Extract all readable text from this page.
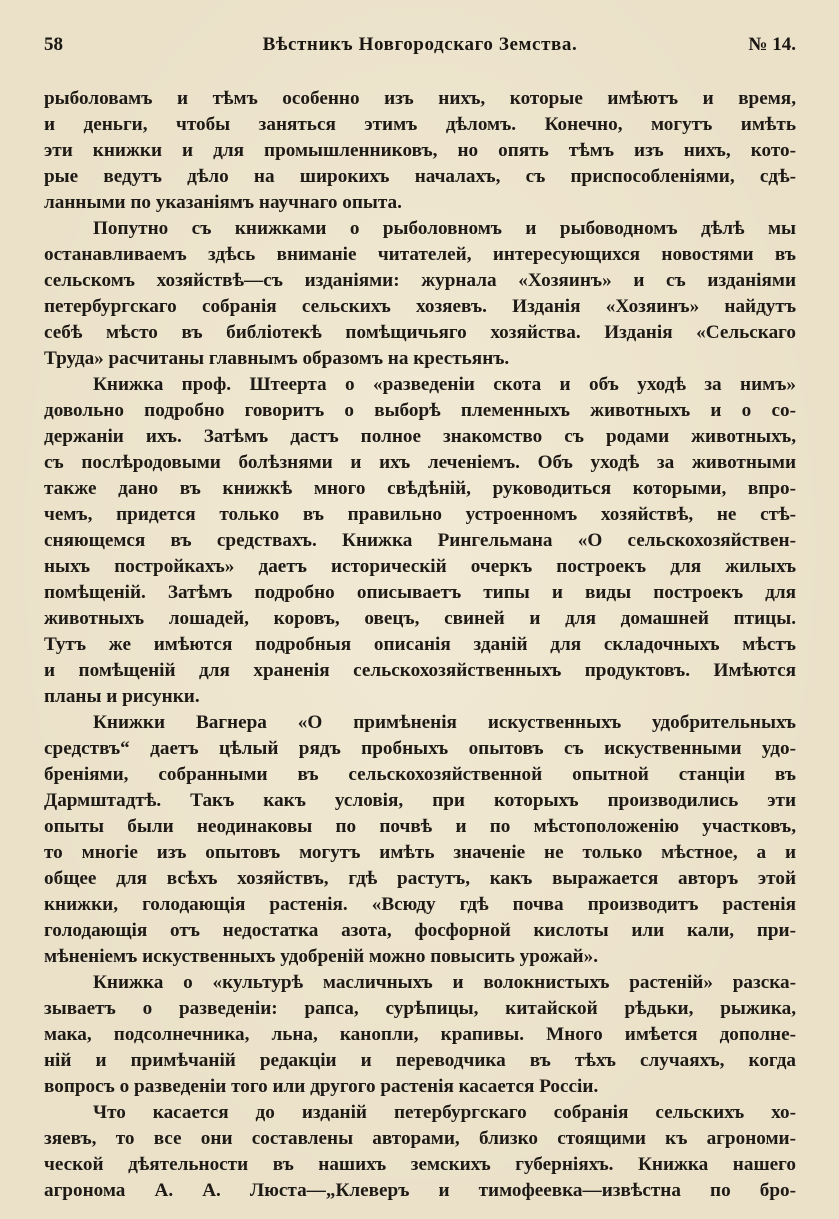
58	Вѣстникъ Новгородскаго Земства.	№ 14.
рыболовамъ и тѣмъ особенно изъ нихъ, которые имѣютъ и время,
и деньги, чтобы заняться этимъ дѣломъ. Конечно, могутъ имѣть
эти книжки и для промышленниковъ, но опять тѣмъ изъ нихъ, кото-
рые ведутъ дѣло на широкихъ началахъ, съ приспособленіями, сдѣ-
ланными по указаніямъ научнаго опыта.
Попутно съ книжками о рыболовномъ и рыбоводномъ дѣлѣ мы
останавливаемъ здѣсь вниманіе читателей, интересующихся новостями въ
сельскомъ хозяйствѣ—съ изданіями: журнала «Хозяинъ» и съ изданіями
петербургскаго собранія сельскихъ хозяевъ. Изданія «Хозяинъ» найдутъ
себѣ мѣсто въ библіотекѣ помѣщичьяго хозяйства. Изданія «Сельскаго
Труда» расчитаны главнымъ образомъ на крестьянъ.
Книжка проф. Штеерта о «разведеніи скота и объ уходѣ за нимъ»
довольно подробно говоритъ о выборѣ племенныхъ животныхъ и о со-
держаніи ихъ. Затѣмъ дастъ полное знакомство съ родами животныхъ,
съ послѣродовыми болѣзнями и ихъ леченіемъ. Объ уходѣ за животными
также дано въ книжкѣ много свѣдѣній, руководиться которыми, впро-
чемъ, придется только въ правильно устроенномъ хозяйствѣ, не стѣ-
сняющемся въ средствахъ. Книжка Рингельмана «О сельскохозяйствен-
ныхъ постройкахъ» даетъ историческій очеркъ построекъ для жилыхъ
помѣщеній. Затѣмъ подробно описываетъ типы и виды построекъ для
животныхъ лошадей, коровъ, овецъ, свиней и для домашней птицы.
Тутъ же имѣются подробныя описанія зданій для складочныхъ мѣстъ
и помѣщеній для храненія сельскохозяйственныхъ продуктовъ. Имѣются
планы и рисунки.
Книжки Вагнера «О примѣненія искуственныхъ удобрительныхъ
средствъ“ даетъ цѣлый рядъ пробныхъ опытовъ съ искуственными удо-
бреніями, собранными въ сельскохозяйственной опытной станціи въ
Дармштадтѣ. Такъ какъ условія, при которыхъ производились эти
опыты были неодинаковы по почвѣ и по мѣстоположенію участковъ,
то многіе изъ опытовъ могутъ имѣть значеніе не только мѣстное, а и
общее для всѣхъ хозяйствъ, гдѣ растутъ, какъ выражается авторъ этой
книжки, голодающія растенія. «Всюду гдѣ почва производитъ растенія
голодающія отъ недостатка азота, фосфорной кислоты или кали, при-
мѣненіемъ искуственныхъ удобреній можно повысить урожай».
Книжка о «культурѣ масличныхъ и волокнистыхъ растеній» разска-
зываетъ о разведеніи: рапса, сурѣпицы, китайской рѣдьки, рыжика,
мака, подсолнечника, льна, канопли, крапивы. Много имѣется дополне-
ній и примѣчаній редакціи и переводчика въ тѣхъ случаяхъ, когда
вопросъ о разведеніи того или другого растенія касается Россіи.
Что касается до изданій петербургскаго собранія сельскихъ хо-
зяевъ, то все они составлены авторами, близко стоящими къ агрономи-
ческой дѣятельности въ нашихъ земскихъ губерніяхъ. Книжка нашего
агронома А. А. Люста—„Клеверъ и тимофеевка—извѣстна по бро-
